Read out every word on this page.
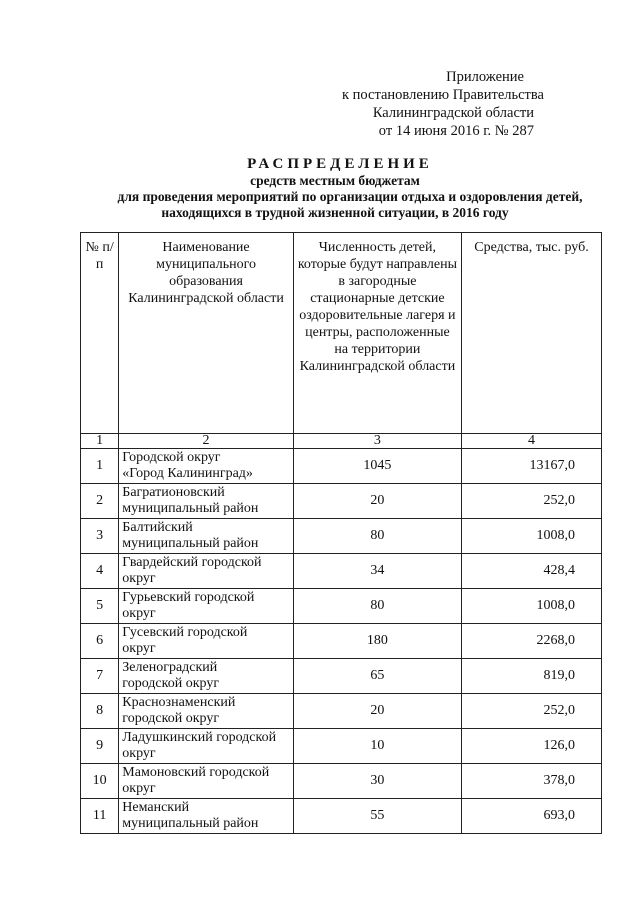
Приложение
к постановлению Правительства
Калининградской области
от 14 июня 2016 г. № 287
РАСПРЕДЕЛЕНИЕ
средств местным бюджетам
для проведения мероприятий по организации отдыха и оздоровления детей,
находящихся в трудной жизненной ситуации, в 2016 году
№ п/п	Наименование муниципального образования Калининградской области	Численность детей, которые будут направлены в загородные стационарные детские оздоровительные лагеря и центры, расположенные на территории Калининградской области	Средства, тыс. руб.
1	2	3	4
1	Городской округ
«Город Калининград»	1045	13167,0
2	Багратионовский
муниципальный район	20	252,0
3	Балтийский
муниципальный район	80	1008,0
4	Гвардейский городской
округ	34	428,4
5	Гурьевский городской
округ	80	1008,0
6	Гусевский городской
округ	180	2268,0
7	Зеленоградский
городской округ	65	819,0
8	Краснознаменский
городской округ	20	252,0
9	Ладушкинский городской
округ	10	126,0
10	Мамоновский городской
округ	30	378,0
11	Неманский
муниципальный район	55	693,0
